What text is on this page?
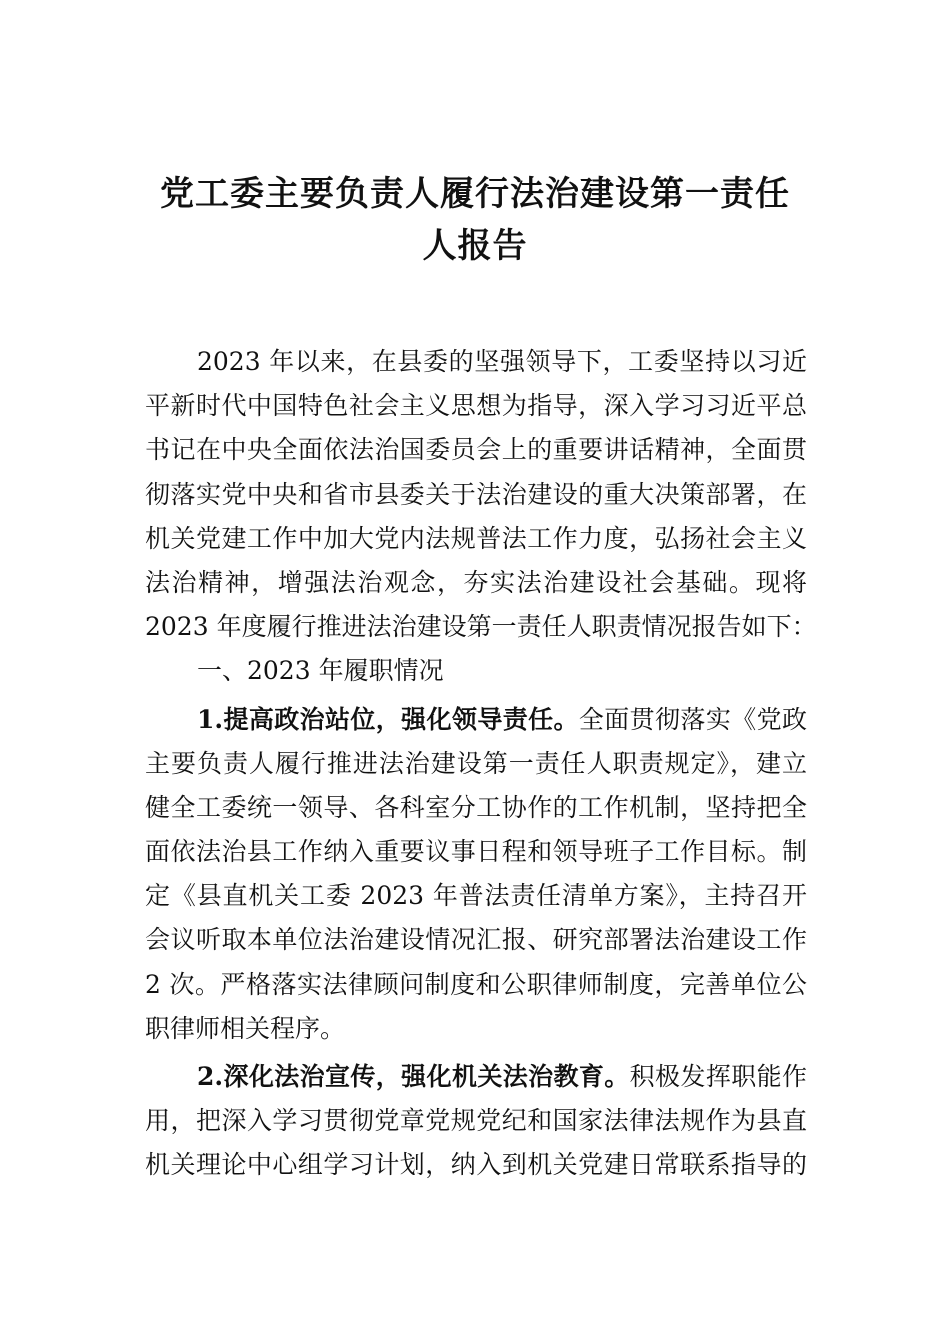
党工委主要负责人履行法治建设第一责任
人报告
2023 年以来，在县委的坚强领导下，工委坚持以习近
平新时代中国特色社会主义思想为指导，深入学习习近平总
书记在中央全面依法治国委员会上的重要讲话精神，全面贯
彻落实党中央和省市县委关于法治建设的重大决策部署，在
机关党建工作中加大党内法规普法工作力度，弘扬社会主义
法治精神，增强法治观念，夯实法治建设社会基础。现将
2023 年度履行推进法治建设第一责任人职责情况报告如下：
一、2023 年履职情况
1.提高政治站位，强化领导责任。全面贯彻落实《党政
主要负责人履行推进法治建设第一责任人职责规定》，建立
健全工委统一领导、各科室分工协作的工作机制，坚持把全
面依法治县工作纳入重要议事日程和领导班子工作目标。制
定《县直机关工委 2023 年普法责任清单方案》，主持召开
会议听取本单位法治建设情况汇报、研究部署法治建设工作
2 次。严格落实法律顾问制度和公职律师制度，完善单位公
职律师相关程序。
2.深化法治宣传，强化机关法治教育。积极发挥职能作
用，把深入学习贯彻党章党规党纪和国家法律法规作为县直
机关理论中心组学习计划，纳入到机关党建日常联系指导的
